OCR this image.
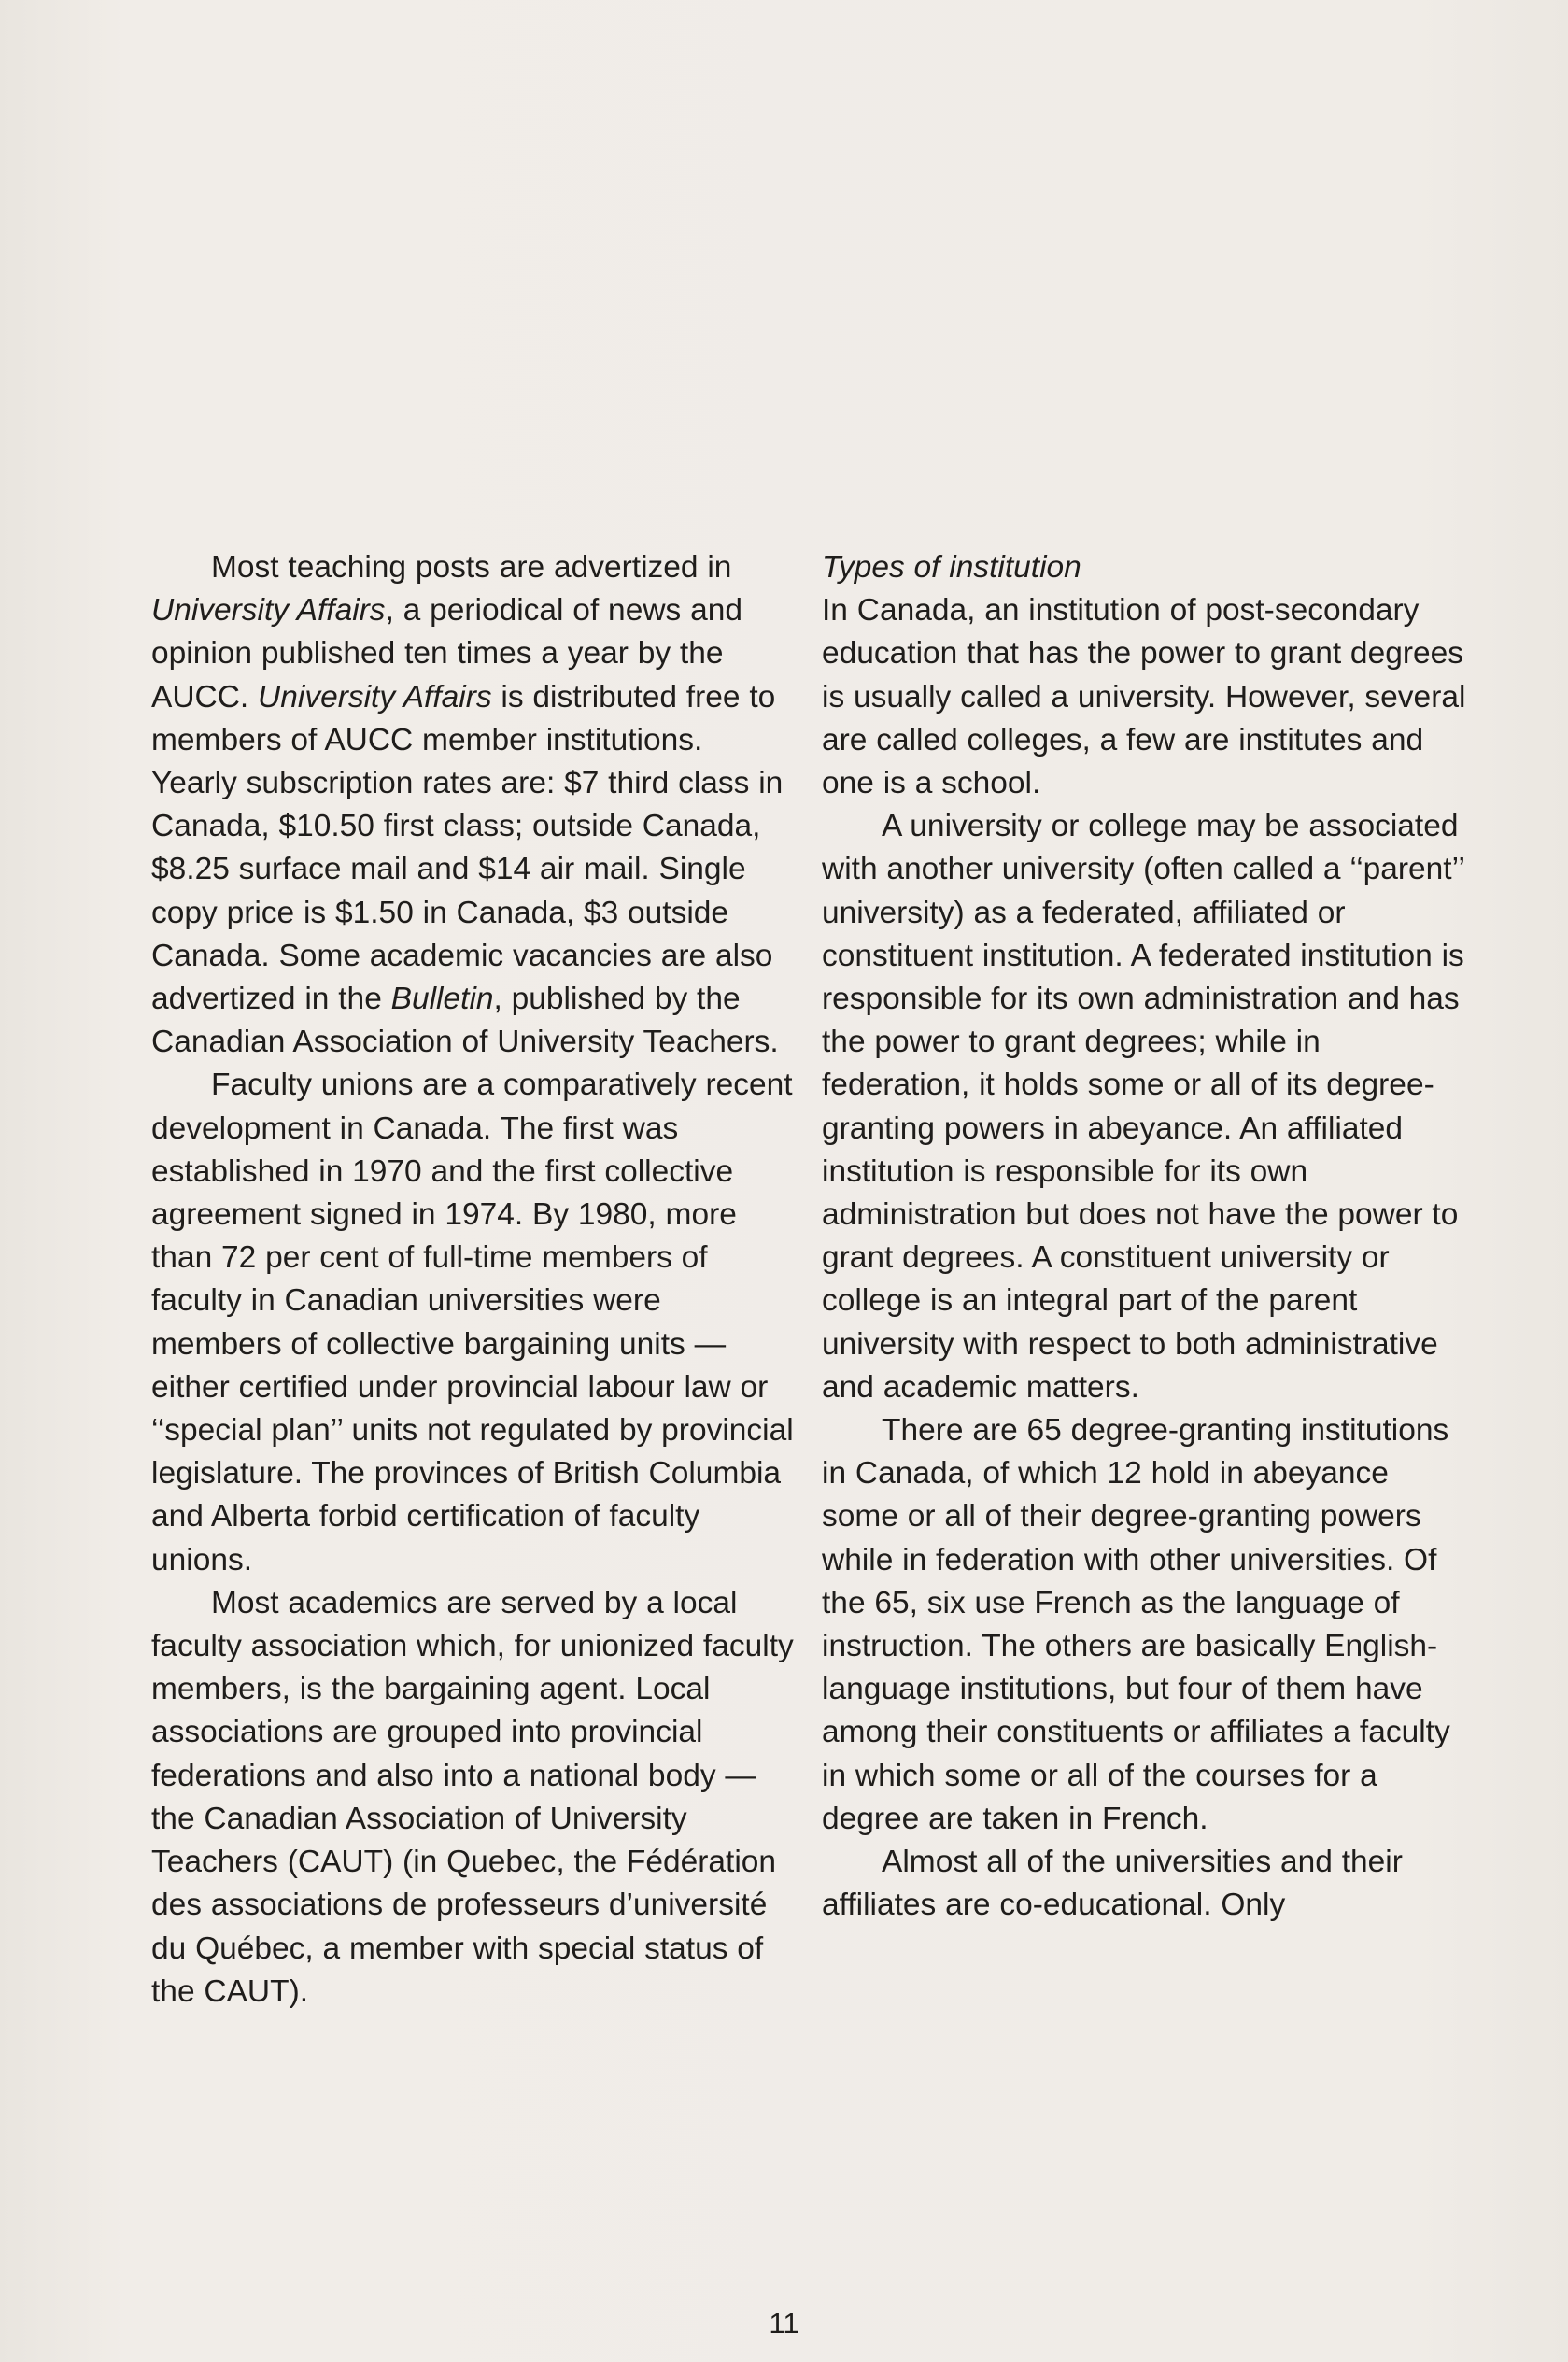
Most teaching posts are advertized in University Affairs, a periodical of news and opinion published ten times a year by the AUCC. University Affairs is distributed free to members of AUCC member institutions. Yearly subscription rates are: $7 third class in Canada, $10.50 first class; outside Canada, $8.25 surface mail and $14 air mail. Single copy price is $1.50 in Canada, $3 outside Canada. Some academic vacancies are also advertized in the Bulletin, published by the Canadian Association of University Teachers.

Faculty unions are a comparatively recent development in Canada. The first was established in 1970 and the first collective agreement signed in 1974. By 1980, more than 72 per cent of full-time members of faculty in Canadian universities were members of collective bargaining units — either certified under provincial labour law or ‘‘special plan’’ units not regulated by provincial legislature. The provinces of British Columbia and Alberta forbid certification of faculty unions.

Most academics are served by a local faculty association which, for unionized faculty members, is the bargaining agent. Local associations are grouped into provincial federations and also into a national body — the Canadian Association of University Teachers (CAUT) (in Quebec, the Fédération des associations de professeurs d’université du Québec, a member with special status of the CAUT).

Types of institution

In Canada, an institution of post-secondary education that has the power to grant degrees is usually called a university. However, several are called colleges, a few are institutes and one is a school.

A university or college may be associated with another university (often called a ‘‘parent’’ university) as a federated, affiliated or constituent institution. A federated institution is responsible for its own administration and has the power to grant degrees; while in federation, it holds some or all of its degree-granting powers in abeyance. An affiliated institution is responsible for its own administration but does not have the power to grant degrees. A constituent university or college is an integral part of the parent university with respect to both administrative and academic matters.

There are 65 degree-granting institutions in Canada, of which 12 hold in abeyance some or all of their degree-granting powers while in federation with other universities. Of the 65, six use French as the language of instruction. The others are basically English-language institutions, but four of them have among their constituents or affiliates a faculty in which some or all of the courses for a degree are taken in French.

Almost all of the universities and their affiliates are co-educational. Only

11
